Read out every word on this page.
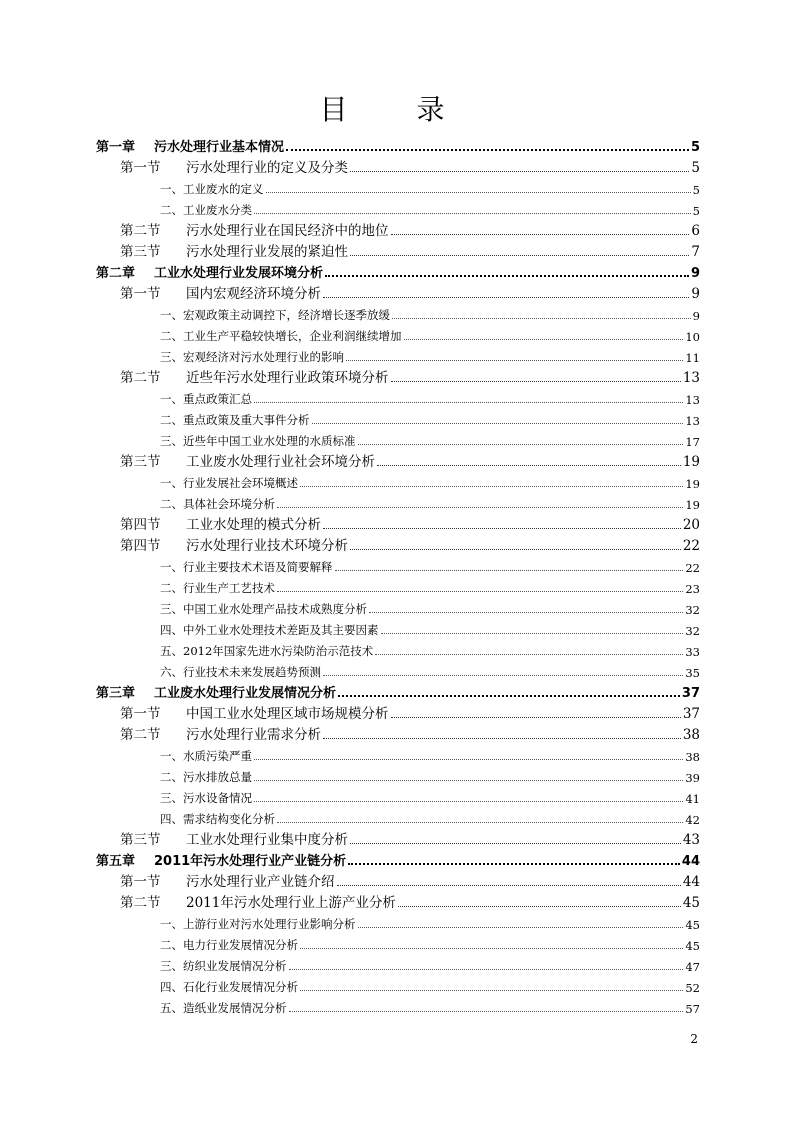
目 录
第一章	污水处理行业基本情况	5
第一节	污水处理行业的定义及分类	5
一、工业废水的定义	5
二、工业废水分类	5
第二节	污水处理行业在国民经济中的地位	6
第三节	污水处理行业发展的紧迫性	7
第二章	工业水处理行业发展环境分析	9
第一节	国内宏观经济环境分析	9
一、宏观政策主动调控下，经济增长逐季放缓	9
二、工业生产平稳较快增长，企业利润继续增加	10
三、宏观经济对污水处理行业的影响	11
第二节	近些年污水处理行业政策环境分析	13
一、重点政策汇总	13
二、重点政策及重大事件分析	13
三、近些年中国工业水处理的水质标准	17
第三节	工业废水处理行业社会环境分析	19
一、行业发展社会环境概述	19
二、具体社会环境分析	19
第四节	工业水处理的模式分析	20
第四节	污水处理行业技术环境分析	22
一、行业主要技术术语及简要解释	22
二、行业生产工艺技术	23
三、中国工业水处理产品技术成熟度分析	32
四、中外工业水处理技术差距及其主要因素	32
五、2012年国家先进水污染防治示范技术	33
六、行业技术未来发展趋势预测	35
第三章	工业废水处理行业发展情况分析	37
第一节	中国工业水处理区域市场规模分析	37
第二节	污水处理行业需求分析	38
一、水质污染严重	38
二、污水排放总量	39
三、污水设备情况	41
四、需求结构变化分析	42
第三节	工业水处理行业集中度分析	43
第五章	2011年污水处理行业产业链分析	44
第一节	污水处理行业产业链介绍	44
第二节	2011年污水处理行业上游产业分析	45
一、上游行业对污水处理行业影响分析	45
二、电力行业发展情况分析	45
三、纺织业发展情况分析	47
四、石化行业发展情况分析	52
五、造纸业发展情况分析	57
2
